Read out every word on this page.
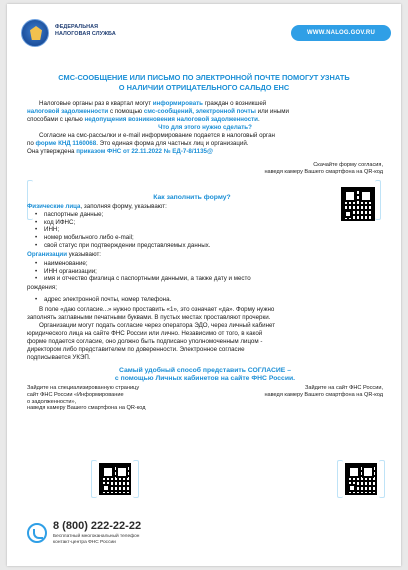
ФЕДЕРАЛЬНАЯ
НАЛОГОВАЯ СЛУЖБА	WWW.NALOG.GOV.RU
СМС-СООБЩЕНИЕ ИЛИ ПИСЬМО ПО ЭЛЕКТРОННОЙ ПОЧТЕ ПОМОГУТ УЗНАТЬ
О НАЛИЧИИ ОТРИЦАТЕЛЬНОГО САЛЬДО ЕНС
Налоговые органы раз в квартал могут информировать граждан о возникшей
налоговой задолженности с помощью смс-сообщений, электронной почты или иными
способами с целью недопущения возникновения налоговой задолженности.
Что для этого нужно сделать?
Согласие на смс-рассылки и e-mail информирование подается в налоговый орган
по форме КНД 1160068. Это единая форма для частных лиц и организаций.
Она утверждена приказом ФНС от 22.11.2022 № ЕД-7-8/1135@
Скачайте форму согласия,
наведя камеру Вашего смартфона на QR-код
Как заполнить форму?
Физические лица, заполняя форму, указывают:
• паспортные данные;
• код ИФНС;
• ИНН;
• номер мобильного либо e-mail;
• свой статус при подтверждении представляемых данных.
Организации указывают:
• наименование;
• ИНН организации;
• имя и отчество физлица с паспортными данными, а также дату и место
рождения;
• адрес электронной почты, номер телефона.
В поле «даю согласие...» нужно проставить «1», это означает «да». Форму нужно
заполнять заглавными печатными буквами. В пустых местах проставляют прочерки.
Организации могут подать согласие через оператора ЭДО, через личный кабинет
юридического лица на сайте ФНС России или лично. Независимо от того, в какой
форме подается согласие, оно должно быть подписано уполномоченным лицом -
директором либо представителем по доверенности. Электронное согласие
подписывается УКЭП.
Самый удобный способ представить СОГЛАСИЕ –
с помощью Личных кабинетов на сайте ФНС России.
Зайдите на специализированную страницу
сайт ФНС России «Информирование
о задолженности»,
наведя камеру Вашего смартфона на QR-код
Зайдите на сайт ФНС России,
наведя камеру Вашего смартфона на QR-код
8 (800) 222-22-22
Бесплатный многоканальный телефон
контакт-центра ФНС России
